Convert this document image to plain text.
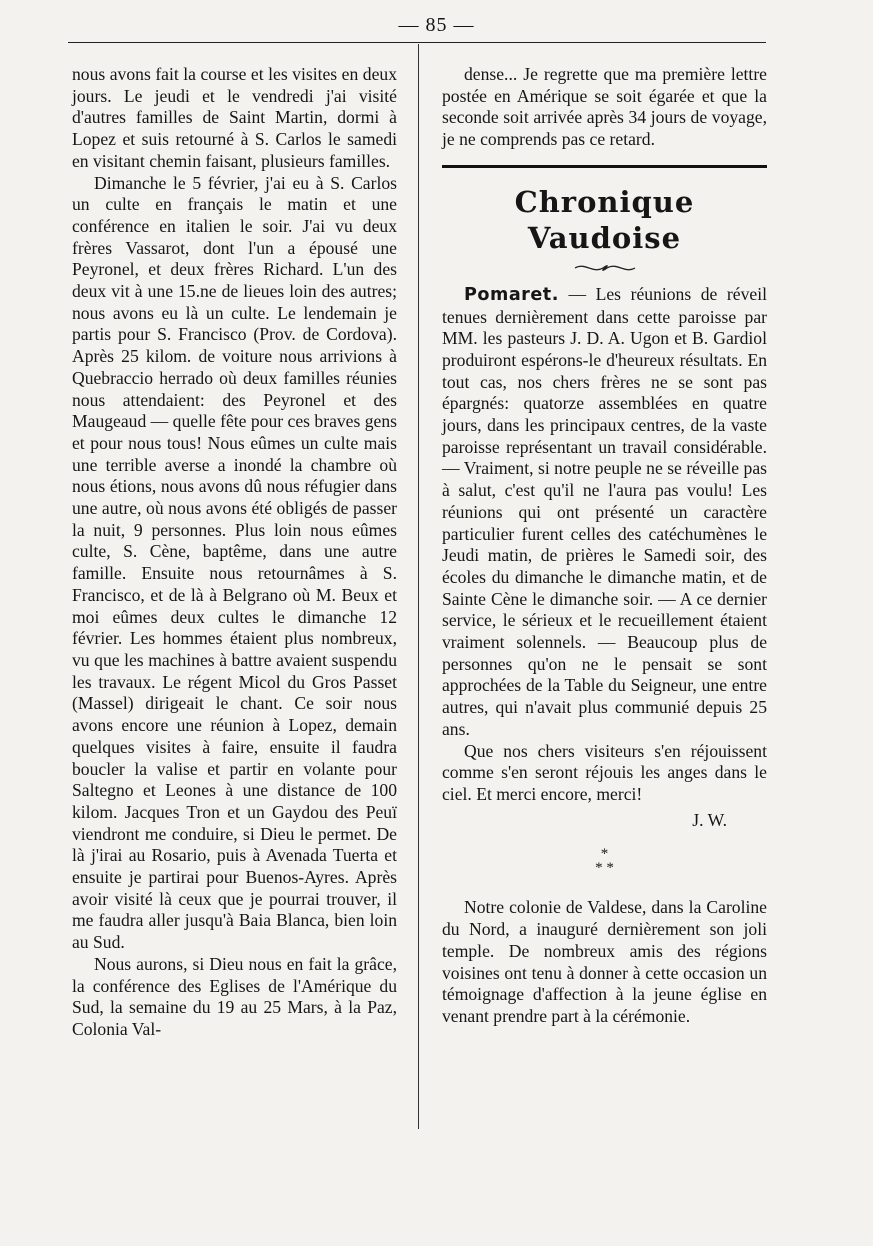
— 85 —

nous avons fait la course et les visites en deux jours. Le jeudi et le vendredi j'ai visité d'autres familles de Saint Martin, dormi à Lopez et suis retourné à S. Carlos le samedi en visitant chemin faisant, plusieurs familles.

Dimanche le 5 février, j'ai eu à S. Carlos un culte en français le matin et une conférence en italien le soir. J'ai vu deux frères Vassarot, dont l'un a épousé une Peyronel, et deux frères Richard. L'un des deux vit à une 15.ne de lieues loin des autres; nous avons eu là un culte. Le lendemain je partis pour S. Francisco (Prov. de Cordova). Après 25 kilom. de voiture nous arrivions à Quebraccio herrado où deux familles réunies nous attendaient: des Peyronel et des Maugeaud — quelle fête pour ces braves gens et pour nous tous! Nous eûmes un culte mais une terrible averse a inondé la chambre où nous étions, nous avons dû nous réfugier dans une autre, où nous avons été obligés de passer la nuit, 9 personnes. Plus loin nous eûmes culte, S. Cène, baptême, dans une autre famille. Ensuite nous retournâmes à S. Francisco, et de là à Belgrano où M. Beux et moi eûmes deux cultes le dimanche 12 février. Les hommes étaient plus nombreux, vu que les machines à battre avaient suspendu les travaux. Le régent Micol du Gros Passet (Massel) dirigeait le chant. Ce soir nous avons encore une réunion à Lopez, demain quelques visites à faire, ensuite il faudra boucler la valise et partir en volante pour Saltegno et Leones à une distance de 100 kilom. Jacques Tron et un Gaydou des Peuï viendront me conduire, si Dieu le permet. De là j'irai au Rosario, puis à Avenada Tuerta et ensuite je partirai pour Buenos-Ayres. Après avoir visité là ceux que je pourrai trouver, il me faudra aller jusqu'à Baia Blanca, bien loin au Sud.

Nous aurons, si Dieu nous en fait la grâce, la conférence des Eglises de l'Amérique du Sud, la semaine du 19 au 25 Mars, à la Paz, Colonia Val-

dense... Je regrette que ma première lettre postée en Amérique se soit égarée et que la seconde soit arrivée après 34 jours de voyage, je ne comprends pas ce retard.

Chronique Vaudoise

Pomaret. — Les réunions de réveil tenues dernièrement dans cette paroisse par MM. les pasteurs J. D. A. Ugon et B. Gardiol produiront espérons-le d'heureux résultats. En tout cas, nos chers frères ne se sont pas épargnés: quatorze assemblées en quatre jours, dans les principaux centres, de la vaste paroisse représentant un travail considérable. — Vraiment, si notre peuple ne se réveille pas à salut, c'est qu'il ne l'aura pas voulu! Les réunions qui ont présenté un caractère particulier furent celles des catéchumènes le Jeudi matin, de prières le Samedi soir, des écoles du dimanche le dimanche matin, et de Sainte Cène le dimanche soir. — A ce dernier service, le sérieux et le recueillement étaient vraiment solennels. — Beaucoup plus de personnes qu'on ne le pensait se sont approchées de la Table du Seigneur, une entre autres, qui n'avait plus communié depuis 25 ans.

Que nos chers visiteurs s'en réjouissent comme s'en seront réjouis les anges dans le ciel. Et merci encore, merci!

J. W.
*
* *

Notre colonie de Valdese, dans la Caroline du Nord, a inauguré dernièrement son joli temple. De nombreux amis des régions voisines ont tenu à donner à cette occasion un témoignage d'affection à la jeune église en venant prendre part à la cérémonie.
